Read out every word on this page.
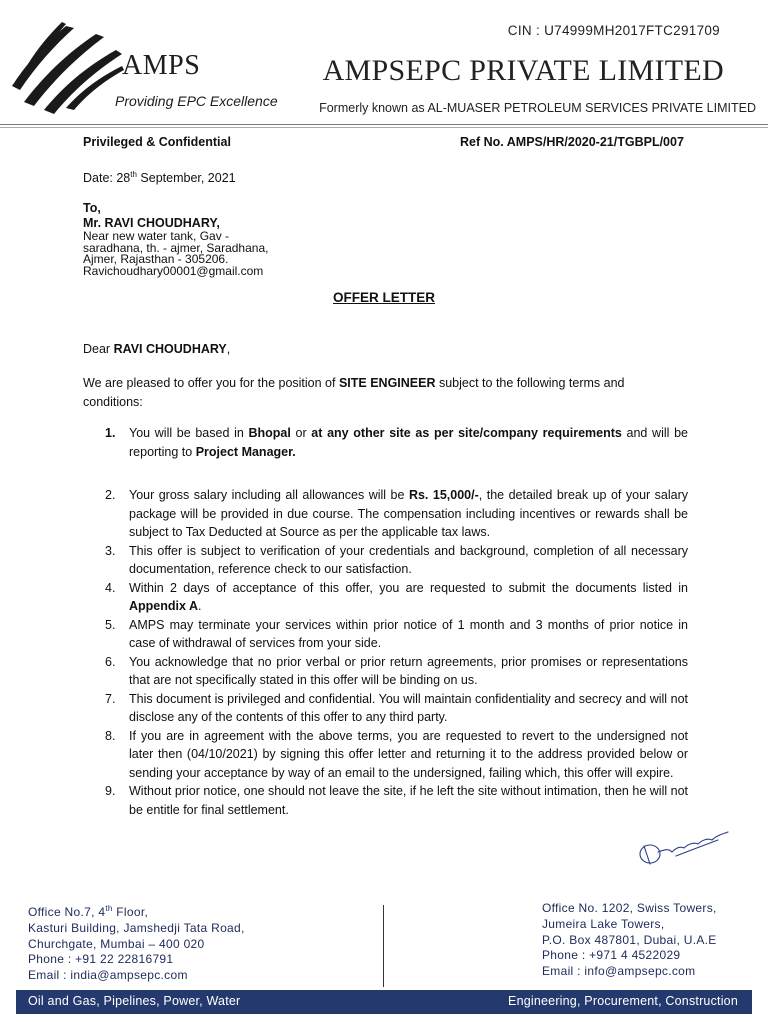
AMPS
Providing EPC Excellence
CIN : U74999MH2017FTC291709
AMPSEPC PRIVATE LIMITED
Formerly known as AL-MUASER PETROLEUM SERVICES PRIVATE LIMITED
Privileged & Confidential	Ref No. AMPS/HR/2020-21/TGBPL/007
Date: 28th September, 2021
To,
Mr. RAVI CHOUDHARY,
Near new water tank, Gav -
saradhana, th. - ajmer, Saradhana,
Ajmer, Rajasthan - 305206.
Ravichoudhary00001@gmail.com
OFFER LETTER
Dear RAVI CHOUDHARY,
We are pleased to offer you for the position of SITE ENGINEER subject to the following terms and conditions:
1. You will be based in Bhopal or at any other site as per site/company requirements and will be reporting to Project Manager.
2. Your gross salary including all allowances will be Rs. 15,000/-, the detailed break up of your salary package will be provided in due course. The compensation including incentives or rewards shall be subject to Tax Deducted at Source as per the applicable tax laws.
3. This offer is subject to verification of your credentials and background, completion of all necessary documentation, reference check to our satisfaction.
4. Within 2 days of acceptance of this offer, you are requested to submit the documents listed in Appendix A.
5. AMPS may terminate your services within prior notice of 1 month and 3 months of prior notice in case of withdrawal of services from your side.
6. You acknowledge that no prior verbal or prior return agreements, prior promises or representations that are not specifically stated in this offer will be binding on us.
7. This document is privileged and confidential. You will maintain confidentiality and secrecy and will not disclose any of the contents of this offer to any third party.
8. If you are in agreement with the above terms, you are requested to revert to the undersigned not later then (04/10/2021) by signing this offer letter and returning it to the address provided below or sending your acceptance by way of an email to the undersigned, failing which, this offer will expire.
9. Without prior notice, one should not leave the site, if he left the site without intimation, then he will not be entitle for final settlement.
Office No.7, 4th Floor,
Kasturi Building, Jamshedji Tata Road,
Churchgate, Mumbai – 400 020
Phone : +91 22 22816791
Email : india@ampsepc.com
Office No. 1202, Swiss Towers,
Jumeira Lake Towers,
P.O. Box 487801, Dubai, U.A.E
Phone : +971 4 4522029
Email : info@ampsepc.com
Oil and Gas, Pipelines, Power, Water	Engineering, Procurement, Construction
